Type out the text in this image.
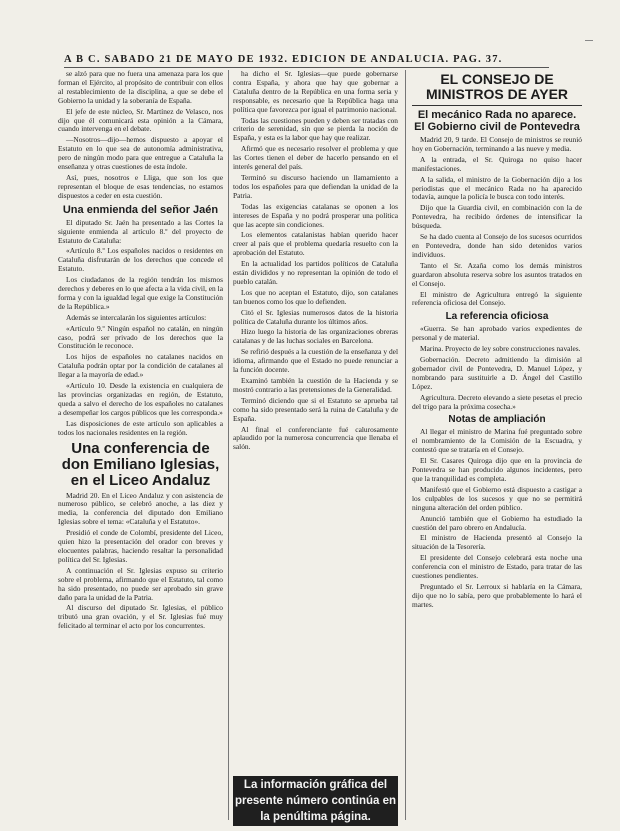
A B C. SABADO 21 DE MAYO DE 1932. EDICION DE ANDALUCIA. PAG. 37.

se alzó para que no fuera una amenaza para los que forman el Ejército, al propósito de contribuir con ellos al restablecimiento de la disciplina, a que se debe el Gobierno la unidad y la soberanía de España.

El jefe de este núcleo, Sr. Martínez de Velasco, nos dijo que él comunicará esta opinión a la Cámara, cuando intervenga en el debate.

—Nosotros—dijo—hemos dispuesto a apoyar el Estatuto en lo que sea de autonomía administrativa, pero de ningún modo para que entregue a Cataluña la enseñanza y otras cuestiones de esta índole.

Así, pues, nosotros e Lliga, que son los que representan el bloque de esas tendencias, no estamos dispuestos a ceder en esta cuestión.

Una enmienda del señor Jaén

El diputado Sr. Jaén ha presentado a las Cortes la siguiente enmienda al artículo 8.º del proyecto de Estatuto de Cataluña:

«Artículo 8.º Los españoles nacidos o residentes en Cataluña disfrutarán de los derechos que concede el Estatuto.

Los ciudadanos de la región tendrán los mismos derechos y deberes en lo que afecta a la vida civil, en la forma y con la igualdad legal que exige la Constitución de la República.»

Además se intercalarán los siguientes artículos:

«Artículo 9.º Ningún español no catalán, en ningún caso, podrá ser privado de los derechos que la Constitución le reconoce.

Los hijos de españoles no catalanes nacidos en Cataluña podrán optar por la condición de catalanes al llegar a la mayoría de edad.»

«Artículo 10. Desde la existencia en cualquiera de las provincias organizadas en región, de Estatuto, queda a salvo el derecho de los españoles no catalanes a desempeñar los cargos públicos que les corresponda.»

Las disposiciones de este artículo son aplicables a todos los nacionales residentes en la región.

Una conferencia de don Emiliano Iglesias, en el Liceo Andaluz

Madrid 20. En el Liceo Andaluz y con asistencia de numeroso público, se celebró anoche, a las diez y media, la conferencia del diputado don Emiliano Iglesias sobre el tema: «Cataluña y el Estatuto».

Presidió el conde de Colombí, presidente del Liceo, quien hizo la presentación del orador con breves y elocuentes palabras, haciendo resaltar la personalidad política del Sr. Iglesias.

A continuación el Sr. Iglesias expuso su criterio sobre el problema, afirmando que el Estatuto, tal como ha sido presentado, no puede ser aprobado sin grave daño para la unidad de la Patria.

Al discurso del diputado Sr. Iglesias, el público tributó una gran ovación, y el Sr. Iglesias fué muy felicitado al terminar el acto por los concurrentes.

ha dicho el Sr. Iglesias—que puede gobernarse contra España, y ahora que hay que gobernar a Cataluña dentro de la República en una forma seria y responsable, es necesario que la República haga una política que favorezca por igual el patrimonio nacional.

Todas las cuestiones pueden y deben ser tratadas con criterio de serenidad, sin que se pierda la noción de España, y esta es la labor que hay que realizar.

Afirmó que es necesario resolver el problema y que las Cortes tienen el deber de hacerlo pensando en el interés general del país.

Terminó su discurso haciendo un llamamiento a todos los españoles para que defiendan la unidad de la Patria.

Todas las exigencias catalanas se oponen a los intereses de España y no podrá prosperar una política que las acepte sin condiciones.

Los elementos catalanistas habían querido hacer creer al país que el problema quedaría resuelto con la aprobación del Estatuto.

En la actualidad los partidos políticos de Cataluña están divididos y no representan la opinión de todo el pueblo catalán.

Los que no aceptan el Estatuto, dijo, son catalanes tan buenos como los que lo defienden.

Citó el Sr. Iglesias numerosos datos de la historia política de Cataluña durante los últimos años.

Hizo luego la historia de las organizaciones obreras catalanas y de las luchas sociales en Barcelona.

Se refirió después a la cuestión de la enseñanza y del idioma, afirmando que el Estado no puede renunciar a la función docente.

Examinó también la cuestión de la Hacienda y se mostró contrario a las pretensiones de la Generalidad.

Terminó diciendo que si el Estatuto se aprueba tal como ha sido presentado será la ruina de Cataluña y de España.

Al final el conferenciante fué calurosamente aplaudido por la numerosa concurrencia que llenaba el salón.

La información gráfica del presente número continúa en la penúltima página.
EL CONSEJO DE MINISTROS DE AYER
El mecánico Rada no aparece. El Gobierno civil de Pontevedra

Madrid 20, 9 tarde. El Consejo de ministros se reunió hoy en Gobernación, terminando a las nueve y media.

A la entrada, el Sr. Quiroga no quiso hacer manifestaciones.

A la salida, el ministro de la Gobernación dijo a los periodistas que el mecánico Rada no ha aparecido todavía, aunque la policía le busca con todo interés.

Dijo que la Guardia civil, en combinación con la de Pontevedra, ha recibido órdenes de intensificar la búsqueda.

Se ha dado cuenta al Consejo de los sucesos ocurridos en Pontevedra, donde han sido detenidos varios individuos.

Tanto el Sr. Azaña como los demás ministros guardaron absoluta reserva sobre los asuntos tratados en el Consejo.

El ministro de Agricultura entregó la siguiente referencia oficiosa del Consejo.

La referencia oficiosa

«Guerra. Se han aprobado varios expedientes de personal y de material.

Marina. Proyecto de ley sobre construcciones navales.

Gobernación. Decreto admitiendo la dimisión al gobernador civil de Pontevedra, D. Manuel López, y nombrando para sustituirle a D. Ángel del Castillo López.

Agricultura. Decreto elevando a siete pesetas el precio del trigo para la próxima cosecha.»

Notas de ampliación

Al llegar el ministro de Marina fué preguntado sobre el nombramiento de la Comisión de la Escuadra, y contestó que se trataría en el Consejo.

El Sr. Casares Quiroga dijo que en la provincia de Pontevedra se han producido algunos incidentes, pero que la tranquilidad es completa.

Manifestó que el Gobierno está dispuesto a castigar a los culpables de los sucesos y que no se permitirá ninguna alteración del orden público.

Anunció también que el Gobierno ha estudiado la cuestión del paro obrero en Andalucía.

El ministro de Hacienda presentó al Consejo la situación de la Tesorería.

El presidente del Consejo celebrará esta noche una conferencia con el ministro de Estado, para tratar de las cuestiones pendientes.

Preguntado el Sr. Lerroux si hablaría en la Cámara, dijo que no lo sabía, pero que probablemente lo hará el martes.
